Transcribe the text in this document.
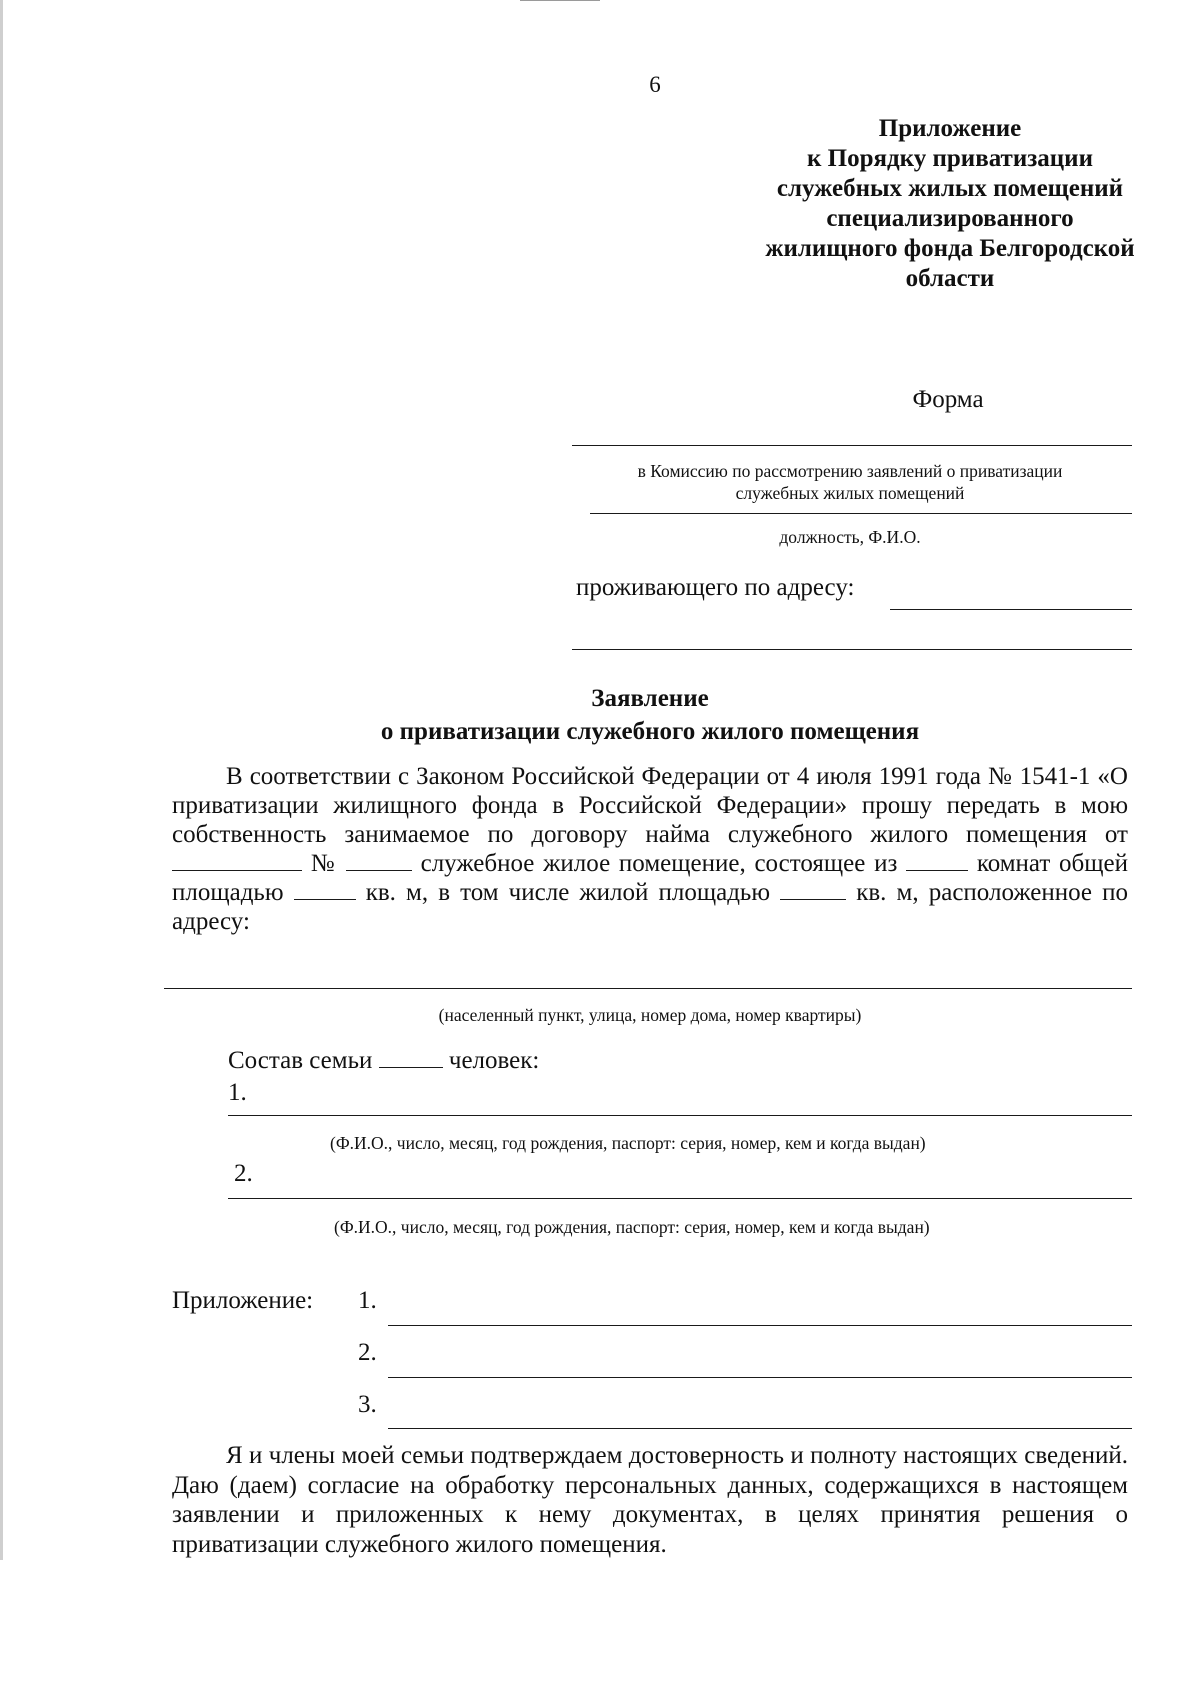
6
Приложение
к Порядку приватизации
служебных жилых помещений
специализированного
жилищного фонда Белгородской
области
Форма
в Комиссию по рассмотрению заявлений о приватизации
служебных жилых помещений
должность, Ф.И.О.
проживающего по адресу:
Заявление
о приватизации служебного жилого помещения
В соответствии с Законом Российской Федерации от 4 июля 1991 года № 1541-1 «О приватизации жилищного фонда в Российской Федерации» прошу передать в мою собственность занимаемое по договору найма служебного жилого помещения от  №	служебное жилое помещение, состоящее из	комнат общей площадью	кв. м, в том числе жилой площадью	кв. м, расположенное по адресу:
(населенный пункт, улица, номер дома, номер квартиры)
Состав семьи	человек:
1.
(Ф.И.О., число, месяц, год рождения, паспорт: серия, номер, кем и когда выдан)
2.
(Ф.И.О., число, месяц, год рождения, паспорт: серия, номер, кем и когда выдан)
Приложение: 1.
2.
3.
Я и члены моей семьи подтверждаем достоверность и полноту настоящих сведений. Даю (даем) согласие на обработку персональных данных, содержащихся в настоящем заявлении и приложенных к нему документах, в целях принятия решения о приватизации служебного жилого помещения.
